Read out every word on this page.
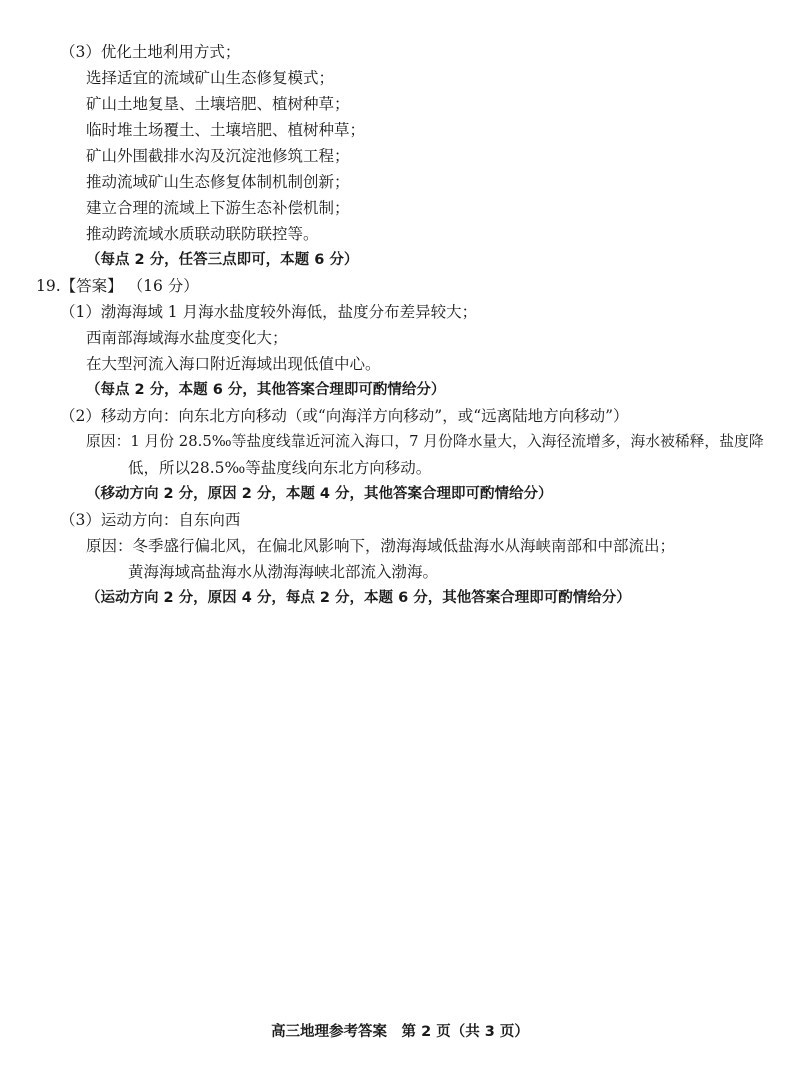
（3）优化土地利用方式；
选择适宜的流域矿山生态修复模式；
矿山土地复垦、土壤培肥、植树种草；
临时堆土场覆土、土壤培肥、植树种草；
矿山外围截排水沟及沉淀池修筑工程；
推动流域矿山生态修复体制机制创新；
建立合理的流域上下游生态补偿机制；
推动跨流域水质联动联防联控等。
（每点 2 分，任答三点即可，本题 6 分）
19.【答案】 （16 分）
（1）渤海海域 1 月海水盐度较外海低，盐度分布差异较大；
西南部海域海水盐度变化大；
在大型河流入海口附近海域出现低值中心。
（每点 2 分，本题 6 分，其他答案合理即可酌情给分）
（2）移动方向：向东北方向移动（或“向海洋方向移动”，或“远离陆地方向移动”）
原因：1 月份 28.5‰等盐度线靠近河流入海口，7 月份降水量大，入海径流增多，海水被稀释，盐度降
低，所以28.5‰等盐度线向东北方向移动。
（移动方向 2 分，原因 2 分，本题 4 分，其他答案合理即可酌情给分）
（3）运动方向：自东向西
原因：冬季盛行偏北风，在偏北风影响下，渤海海域低盐海水从海峡南部和中部流出；
黄海海域高盐海水从渤海海峡北部流入渤海。
（运动方向 2 分，原因 4 分，每点 2 分，本题 6 分，其他答案合理即可酌情给分）
高三地理参考答案　第 2 页（共 3 页）
